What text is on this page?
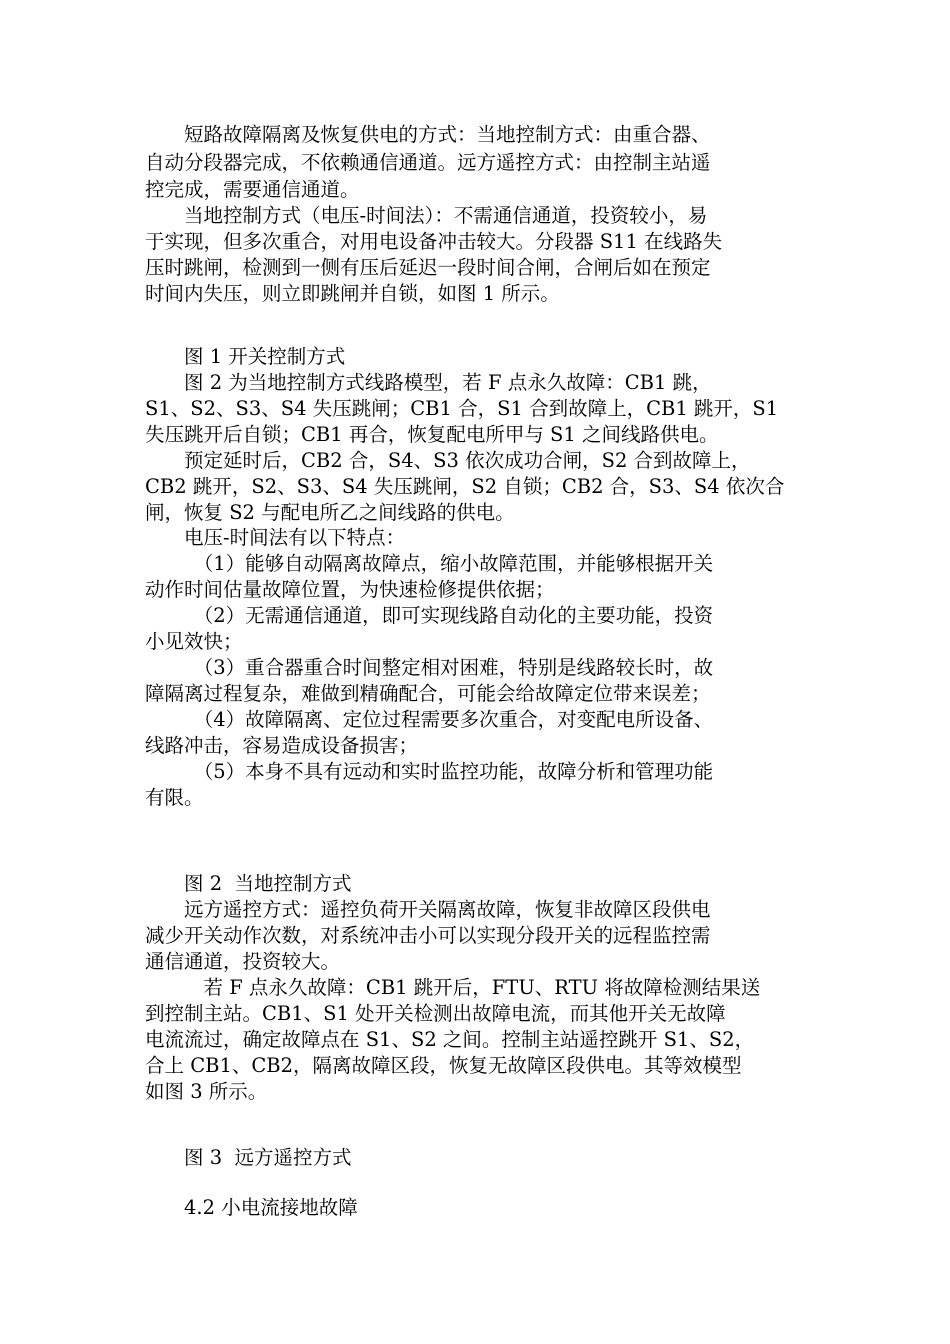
　　短路故障隔离及恢复供电的方式：当地控制方式：由重合器、
自动分段器完成，不依赖通信通道。远方遥控方式：由控制主站遥
控完成，需要通信通道。
　　当地控制方式（电压-时间法）：不需通信通道，投资较小，易
于实现，但多次重合，对用电设备冲击较大。分段器 S11 在线路失
压时跳闸，检测到一侧有压后延迟一段时间合闸，合闸后如在预定
时间内失压，则立即跳闸并自锁，如图 1 所示。
　　图 1 开关控制方式
　　图 2 为当地控制方式线路模型，若 F 点永久故障：CB1 跳，
S1、S2、S3、S4 失压跳闸；CB1 合，S1 合到故障上，CB1 跳开，S1
失压跳开后自锁；CB1 再合，恢复配电所甲与 S1 之间线路供电。
　　预定延时后，CB2 合，S4、S3 依次成功合闸，S2 合到故障上，
CB2 跳开，S2、S3、S4 失压跳闸，S2 自锁；CB2 合，S3、S4 依次合
闸，恢复 S2 与配电所乙之间线路的供电。
　　电压-时间法有以下特点：
　　　（1）能够自动隔离故障点，缩小故障范围，并能够根据开关
动作时间估量故障位置，为快速检修提供依据；
　　　（2）无需通信通道，即可实现线路自动化的主要功能，投资
小见效快；
　　　（3）重合器重合时间整定相对困难，特别是线路较长时，故
障隔离过程复杂，难做到精确配合，可能会给故障定位带来误差；
　　　（4）故障隔离、定位过程需要多次重合，对变配电所设备、
线路冲击，容易造成设备损害；
　　　（5）本身不具有远动和实时监控功能，故障分析和管理功能
有限。
　　图 2  当地控制方式
　　远方遥控方式：遥控负荷开关隔离故障，恢复非故障区段供电
减少开关动作次数，对系统冲击小可以实现分段开关的远程监控需
通信通道，投资较大。
　　　若 F 点永久故障：CB1 跳开后，FTU、RTU 将故障检测结果送
到控制主站。CB1、S1 处开关检测出故障电流，而其他开关无故障
电流流过，确定故障点在 S1、S2 之间。控制主站遥控跳开 S1、S2，
合上 CB1、CB2，隔离故障区段，恢复无故障区段供电。其等效模型
如图 3 所示。
　　图 3  远方遥控方式
　　4.2 小电流接地故障
